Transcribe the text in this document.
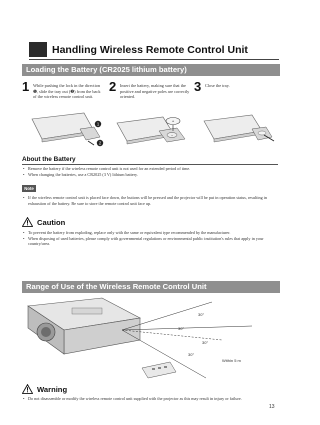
Handling Wireless Remote Control Unit
Loading the Battery (CR2025 lithium battery)
1 While pushing the lock in the direction ❶, slide the tray out (❷) from the back of the wireless remote control unit.

1
2
2 Insert the battery, making sure that the positive and negative poles are correctly oriented.

+
−
3 Close the tray.

About the Battery
• Remove the battery if the wireless remote control unit is not used for an extended period of time.
• When changing the batteries, use a CR2025 (3 V) lithium battery.
Note
• If the wireless remote control unit is placed face down, the buttons will be pressed and the projector will be put in operation status, resulting in exhaustion of the battery. Be sure to store the remote control unit face up.
Caution
• To prevent the battery from exploding, replace only with the same or equivalent type recommended by the manufacturer.
• When disposing of used batteries, please comply with governmental regulations or environmental public institution's rules that apply in your country/area.
Range of Use of the Wireless Remote Control Unit
30°
30°
30°
30°
Within 5 m
Warning
• Do not disassemble or modify the wireless remote control unit supplied with the projector as this may result in injury or failure.
13
